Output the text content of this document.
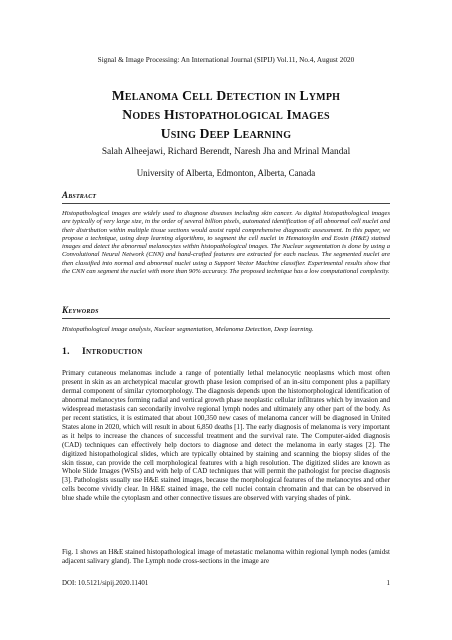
Signal & Image Processing: An International Journal (SIPIJ) Vol.11, No.4, August 2020
Melanoma Cell Detection in Lymph
Nodes Histopathological Images
Using Deep Learning
Salah Alheejawi, Richard Berendt, Naresh Jha and Mrinal Mandal
University of Alberta, Edmonton, Alberta, Canada
Abstract
Histopathological images are widely used to diagnose diseases including skin cancer. As digital histopathological images are typically of very large size, in the order of several billion pixels, automated identification of all abnormal cell nuclei and their distribution within multiple tissue sections would assist rapid comprehensive diagnostic assessment. In this paper, we propose a technique, using deep learning algorithms, to segment the cell nuclei in Hematoxylin and Eosin (H&E) stained images and detect the abnormal melanocytes within histopathological images. The Nuclear segmentation is done by using a Convolutional Neural Network (CNN) and hand-crafted features are extracted for each nucleus. The segmented nuclei are then classified into normal and abnormal nuclei using a Support Vector Machine classifier. Experimental results show that the CNN can segment the nuclei with more than 90% accuracy. The proposed technique has a low computational complexity.
Keywords
Histopathological image analysis, Nuclear segmentation, Melanoma Detection, Deep learning.
1. Introduction
Primary cutaneous melanomas include a range of potentially lethal melanocytic neoplasms which most often present in skin as an archetypical macular growth phase lesion comprised of an in-situ component plus a papillary dermal component of similar cytomorphology. The diagnosis depends upon the histomorphological identification of abnormal melanocytes forming radial and vertical growth phase neoplastic cellular infiltrates which by invasion and widespread metastasis can secondarily involve regional lymph nodes and ultimately any other part of the body. As per recent statistics, it is estimated that about 100,350 new cases of melanoma cancer will be diagnosed in United States alone in 2020, which will result in about 6,850 deaths [1]. The early diagnosis of melanoma is very important as it helps to increase the chances of successful treatment and the survival rate. The Computer-aided diagnosis (CAD) techniques can effectively help doctors to diagnose and detect the melanoma in early stages [2]. The digitized histopathological slides, which are typically obtained by staining and scanning the biopsy slides of the skin tissue, can provide the cell morphological features with a high resolution. The digitized slides are known as Whole Slide Images (WSIs) and with help of CAD techniques that will permit the pathologist for precise diagnosis [3]. Pathologists usually use H&E stained images, because the morphological features of the melanocytes and other cells become vividly clear. In H&E stained image, the cell nuclei contain chromatin and that can be observed in blue shade while the cytoplasm and other connective tissues are observed with varying shades of pink.
Fig. 1 shows an H&E stained histopathological image of metastatic melanoma within regional lymph nodes (amidst adjacent salivary gland). The Lymph node cross-sections in the image are
DOI: 10.5121/sipij.2020.11401	1
